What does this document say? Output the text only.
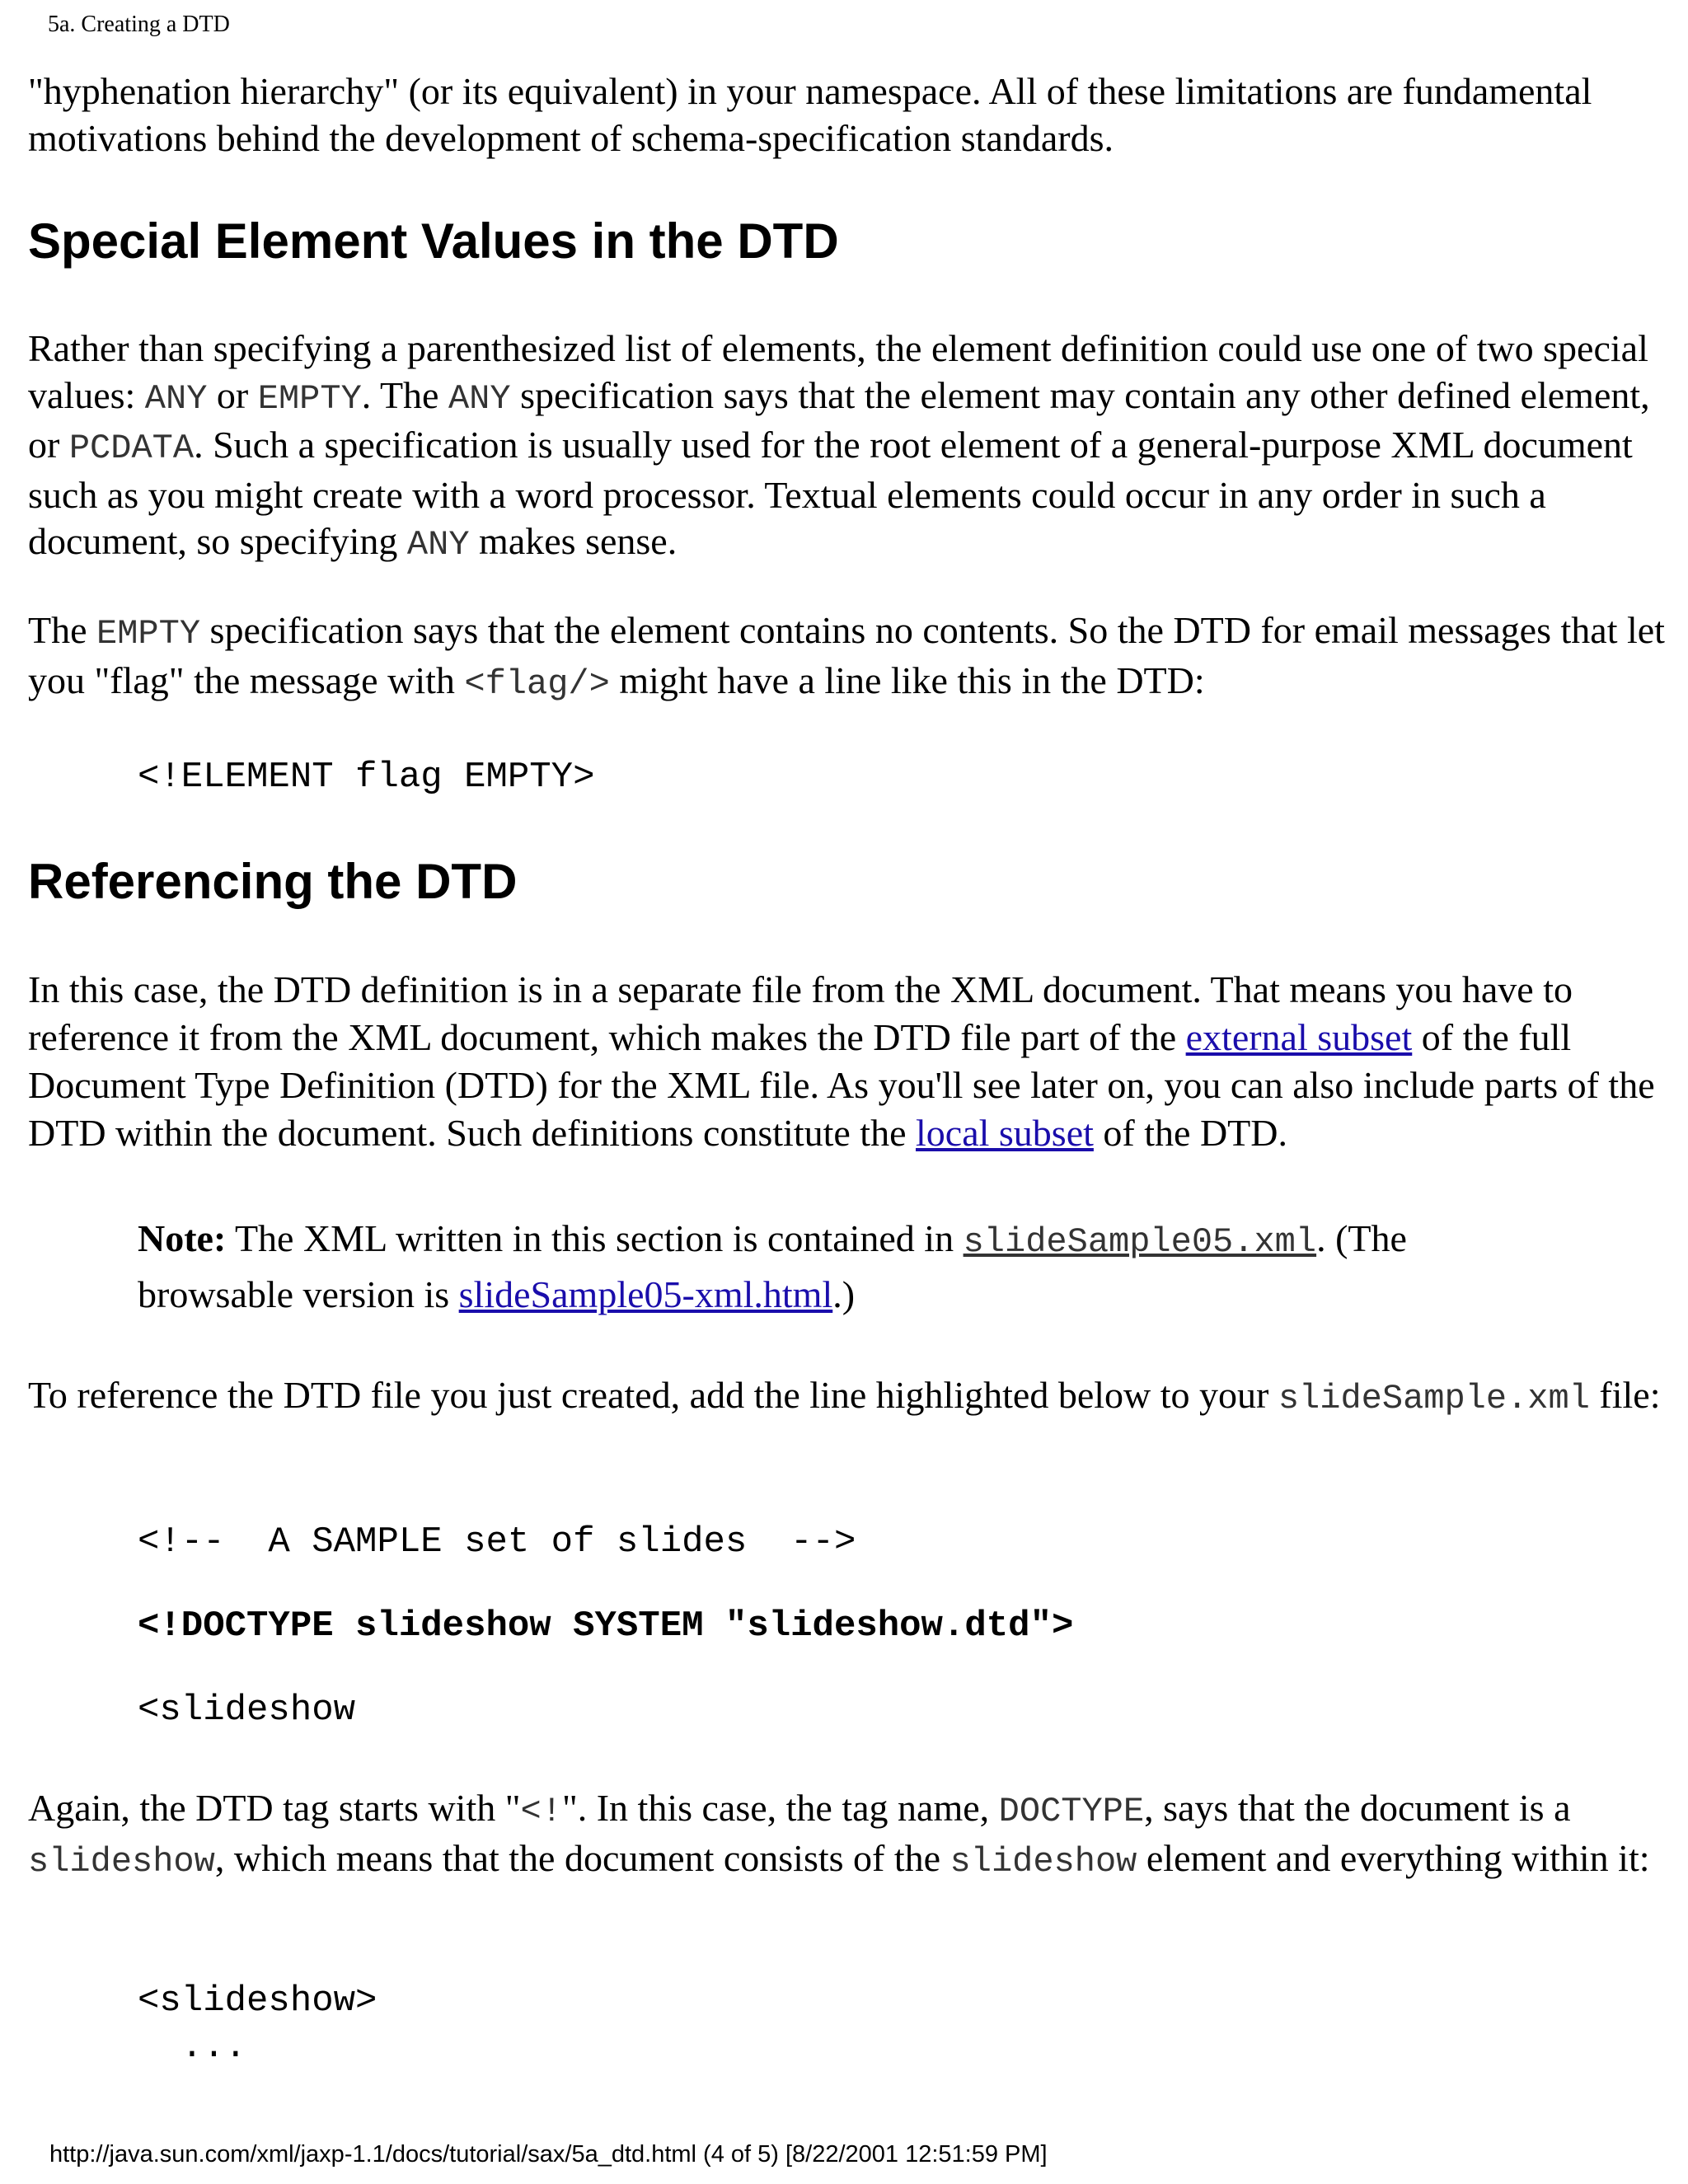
5a. Creating a DTD

"hyphenation hierarchy" (or its equivalent) in your namespace. All of these limitations are fundamental motivations behind the development of schema-specification standards.

Special Element Values in the DTD

Rather than specifying a parenthesized list of elements, the element definition could use one of two special values: ANY or EMPTY. The ANY specification says that the element may contain any other defined element, or PCDATA. Such a specification is usually used for the root element of a general-purpose XML document such as you might create with a word processor. Textual elements could occur in any order in such a document, so specifying ANY makes sense.

The EMPTY specification says that the element contains no contents. So the DTD for email messages that let you "flag" the message with <flag/> might have a line like this in the DTD:

<!ELEMENT flag EMPTY>
Referencing the DTD

In this case, the DTD definition is in a separate file from the XML document. That means you have to reference it from the XML document, which makes the DTD file part of the external subset of the full Document Type Definition (DTD) for the XML file. As you'll see later on, you can also include parts of the DTD within the document. Such definitions constitute the local subset of the DTD.

Note: The XML written in this section is contained in slideSample05.xml. (The browsable version is slideSample05-xml.html.)

To reference the DTD file you just created, add the line highlighted below to your slideSample.xml file:

<!--  A SAMPLE set of slides  -->
<!DOCTYPE slideshow SYSTEM "slideshow.dtd">
<slideshow

Again, the DTD tag starts with "<!". In this case, the tag name, DOCTYPE, says that the document is a slideshow, which means that the document consists of the slideshow element and everything within it:

<slideshow>
...
http://java.sun.com/xml/jaxp-1.1/docs/tutorial/sax/5a_dtd.html (4 of 5) [8/22/2001 12:51:59 PM]
